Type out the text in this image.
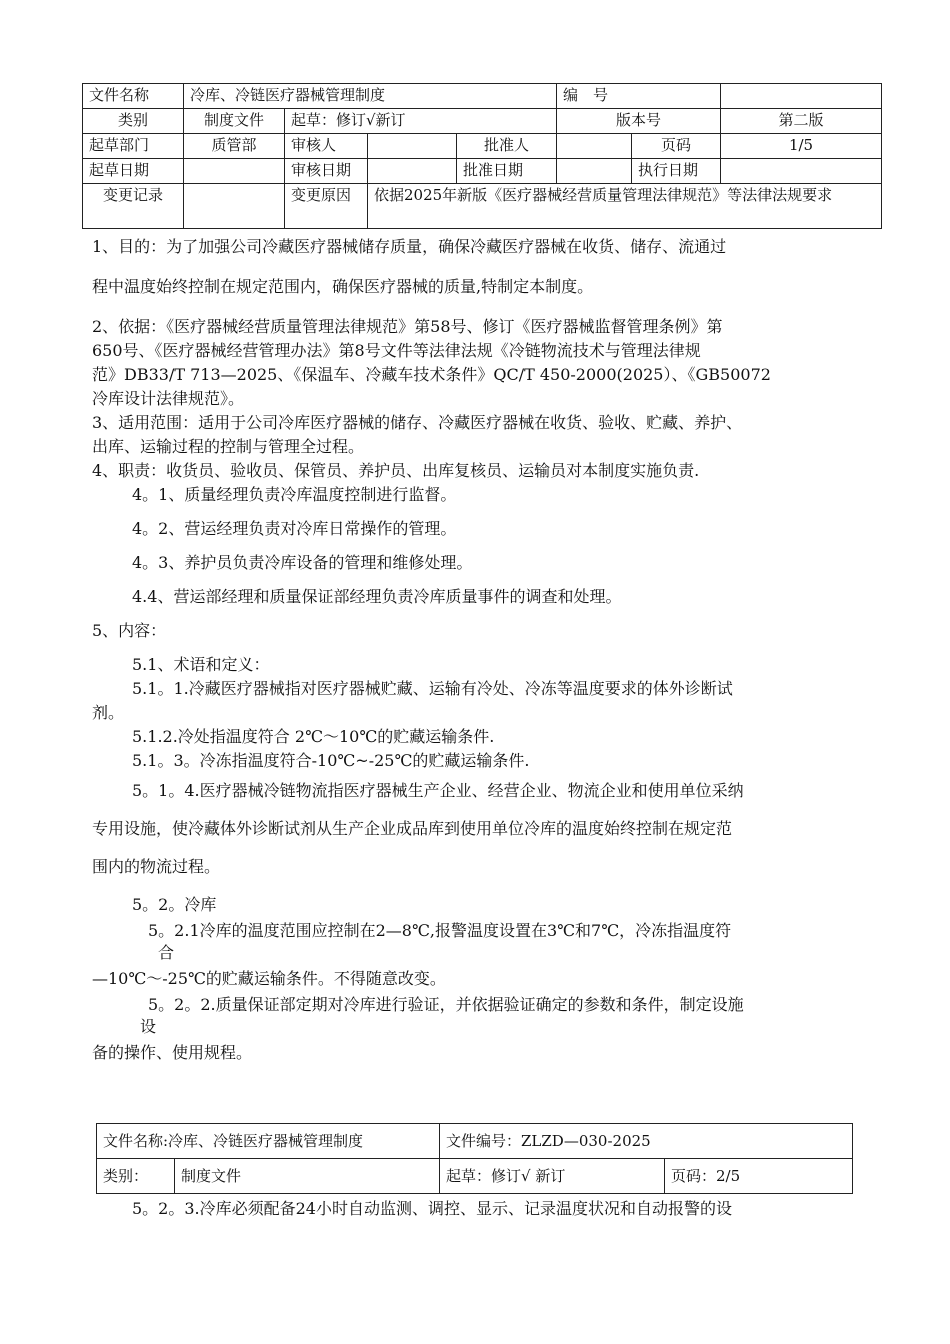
文件名称	冷库、冷链医疗器械管理制度				编　号		
类别	制度文件	起草：修订√新订			版本号		第二版
起草部门	质管部	审核人		批准人		页码	1/5
起草日期		审核日期		批准日期		执行日期	
变更记录		变更原因	依据2025年新版《医疗器械经营质量管理法律规范》等法律法规要求				

1、目的：为了加强公司冷藏医疗器械储存质量，确保冷藏医疗器械在收货、储存、流通过

程中温度始终控制在规定范围内，确保医疗器械的质量,特制定本制度。

2、依据：《医疗器械经营质量管理法律规范》第58号、修订《医疗器械监督管理条例》第

650号、《医疗器械经营管理办法》第8号文件等法律法规《冷链物流技术与管理法律规

范》DB33/T 713—2025、《保温车、冷藏车技术条件》QC/T 450-2000(2025）、《GB50072

冷库设计法律规范》。

3、适用范围：适用于公司冷库医疗器械的储存、冷藏医疗器械在收货、验收、贮藏、养护、

出库、运输过程的控制与管理全过程。

4、职责：收货员、验收员、保管员、养护员、出库复核员、运输员对本制度实施负责.

4。1、质量经理负责冷库温度控制进行监督。

4。2、营运经理负责对冷库日常操作的管理。

4。3、养护员负责冷库设备的管理和维修处理。

4.4、营运部经理和质量保证部经理负责冷库质量事件的调查和处理。

5、内容：

5.1、术语和定义：

5.1。1.冷藏医疗器械指对医疗器械贮藏、运输有冷处、冷冻等温度要求的体外诊断试

剂。

5.1.2.冷处指温度符合 2℃～10℃的贮藏运输条件.

5.1。3。冷冻指温度符合-10℃~-25℃的贮藏运输条件.

5。1。4.医疗器械冷链物流指医疗器械生产企业、经营企业、物流企业和使用单位采纳

专用设施，使冷藏体外诊断试剂从生产企业成品库到使用单位冷库的温度始终控制在规定范

围内的物流过程。

5。2。冷库

5。2.1冷库的温度范围应控制在2—8℃,报警温度设置在3℃和7℃，冷冻指温度符

合

—10℃～-25℃的贮藏运输条件。不得随意改变。

5。2。2.质量保证部定期对冷库进行验证，并依据验证确定的参数和条件，制定设施

设

备的操作、使用规程。

文件名称:冷库、冷链医疗器械管理制度		文件编号：ZLZD—030-2025	
类别：	制度文件	起草：修订√ 新订	页码：2/5

5。2。3.冷库必须配备24小时自动监测、调控、显示、记录温度状况和自动报警的设
